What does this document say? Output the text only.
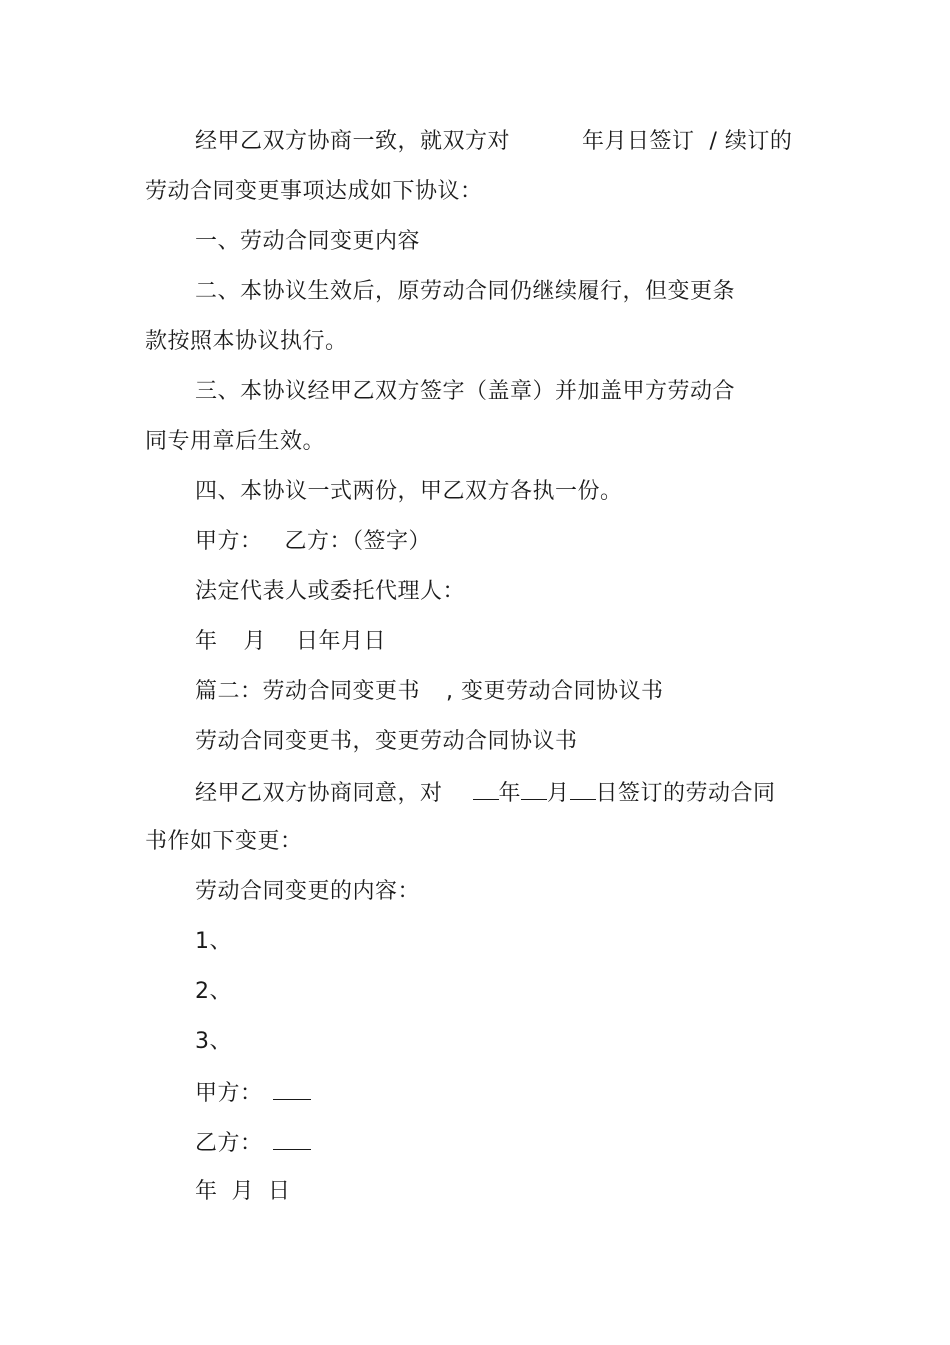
经甲乙双方协商一致，就双方对	年月日签订  / 续订的
劳动合同变更事项达成如下协议：
一、劳动合同变更内容
二、本协议生效后，原劳动合同仍继续履行，但变更条
款按照本协议执行。
三、本协议经甲乙双方签字（盖章）并加盖甲方劳动合
同专用章后生效。
四、本协议一式两份，甲乙双方各执一份。
甲方： 乙方：（签字）
法定代表人或委托代理人：
年 月 日年月日
篇二：劳动合同变更书 , 变更劳动合同协议书
劳动合同变更书，变更劳动合同协议书
经甲乙双方协商同意，对	年 月 日签订的劳动合同
书作如下变更：
劳动合同变更的内容：
1、
2、
3、
甲方：
乙方：
年 月 日
